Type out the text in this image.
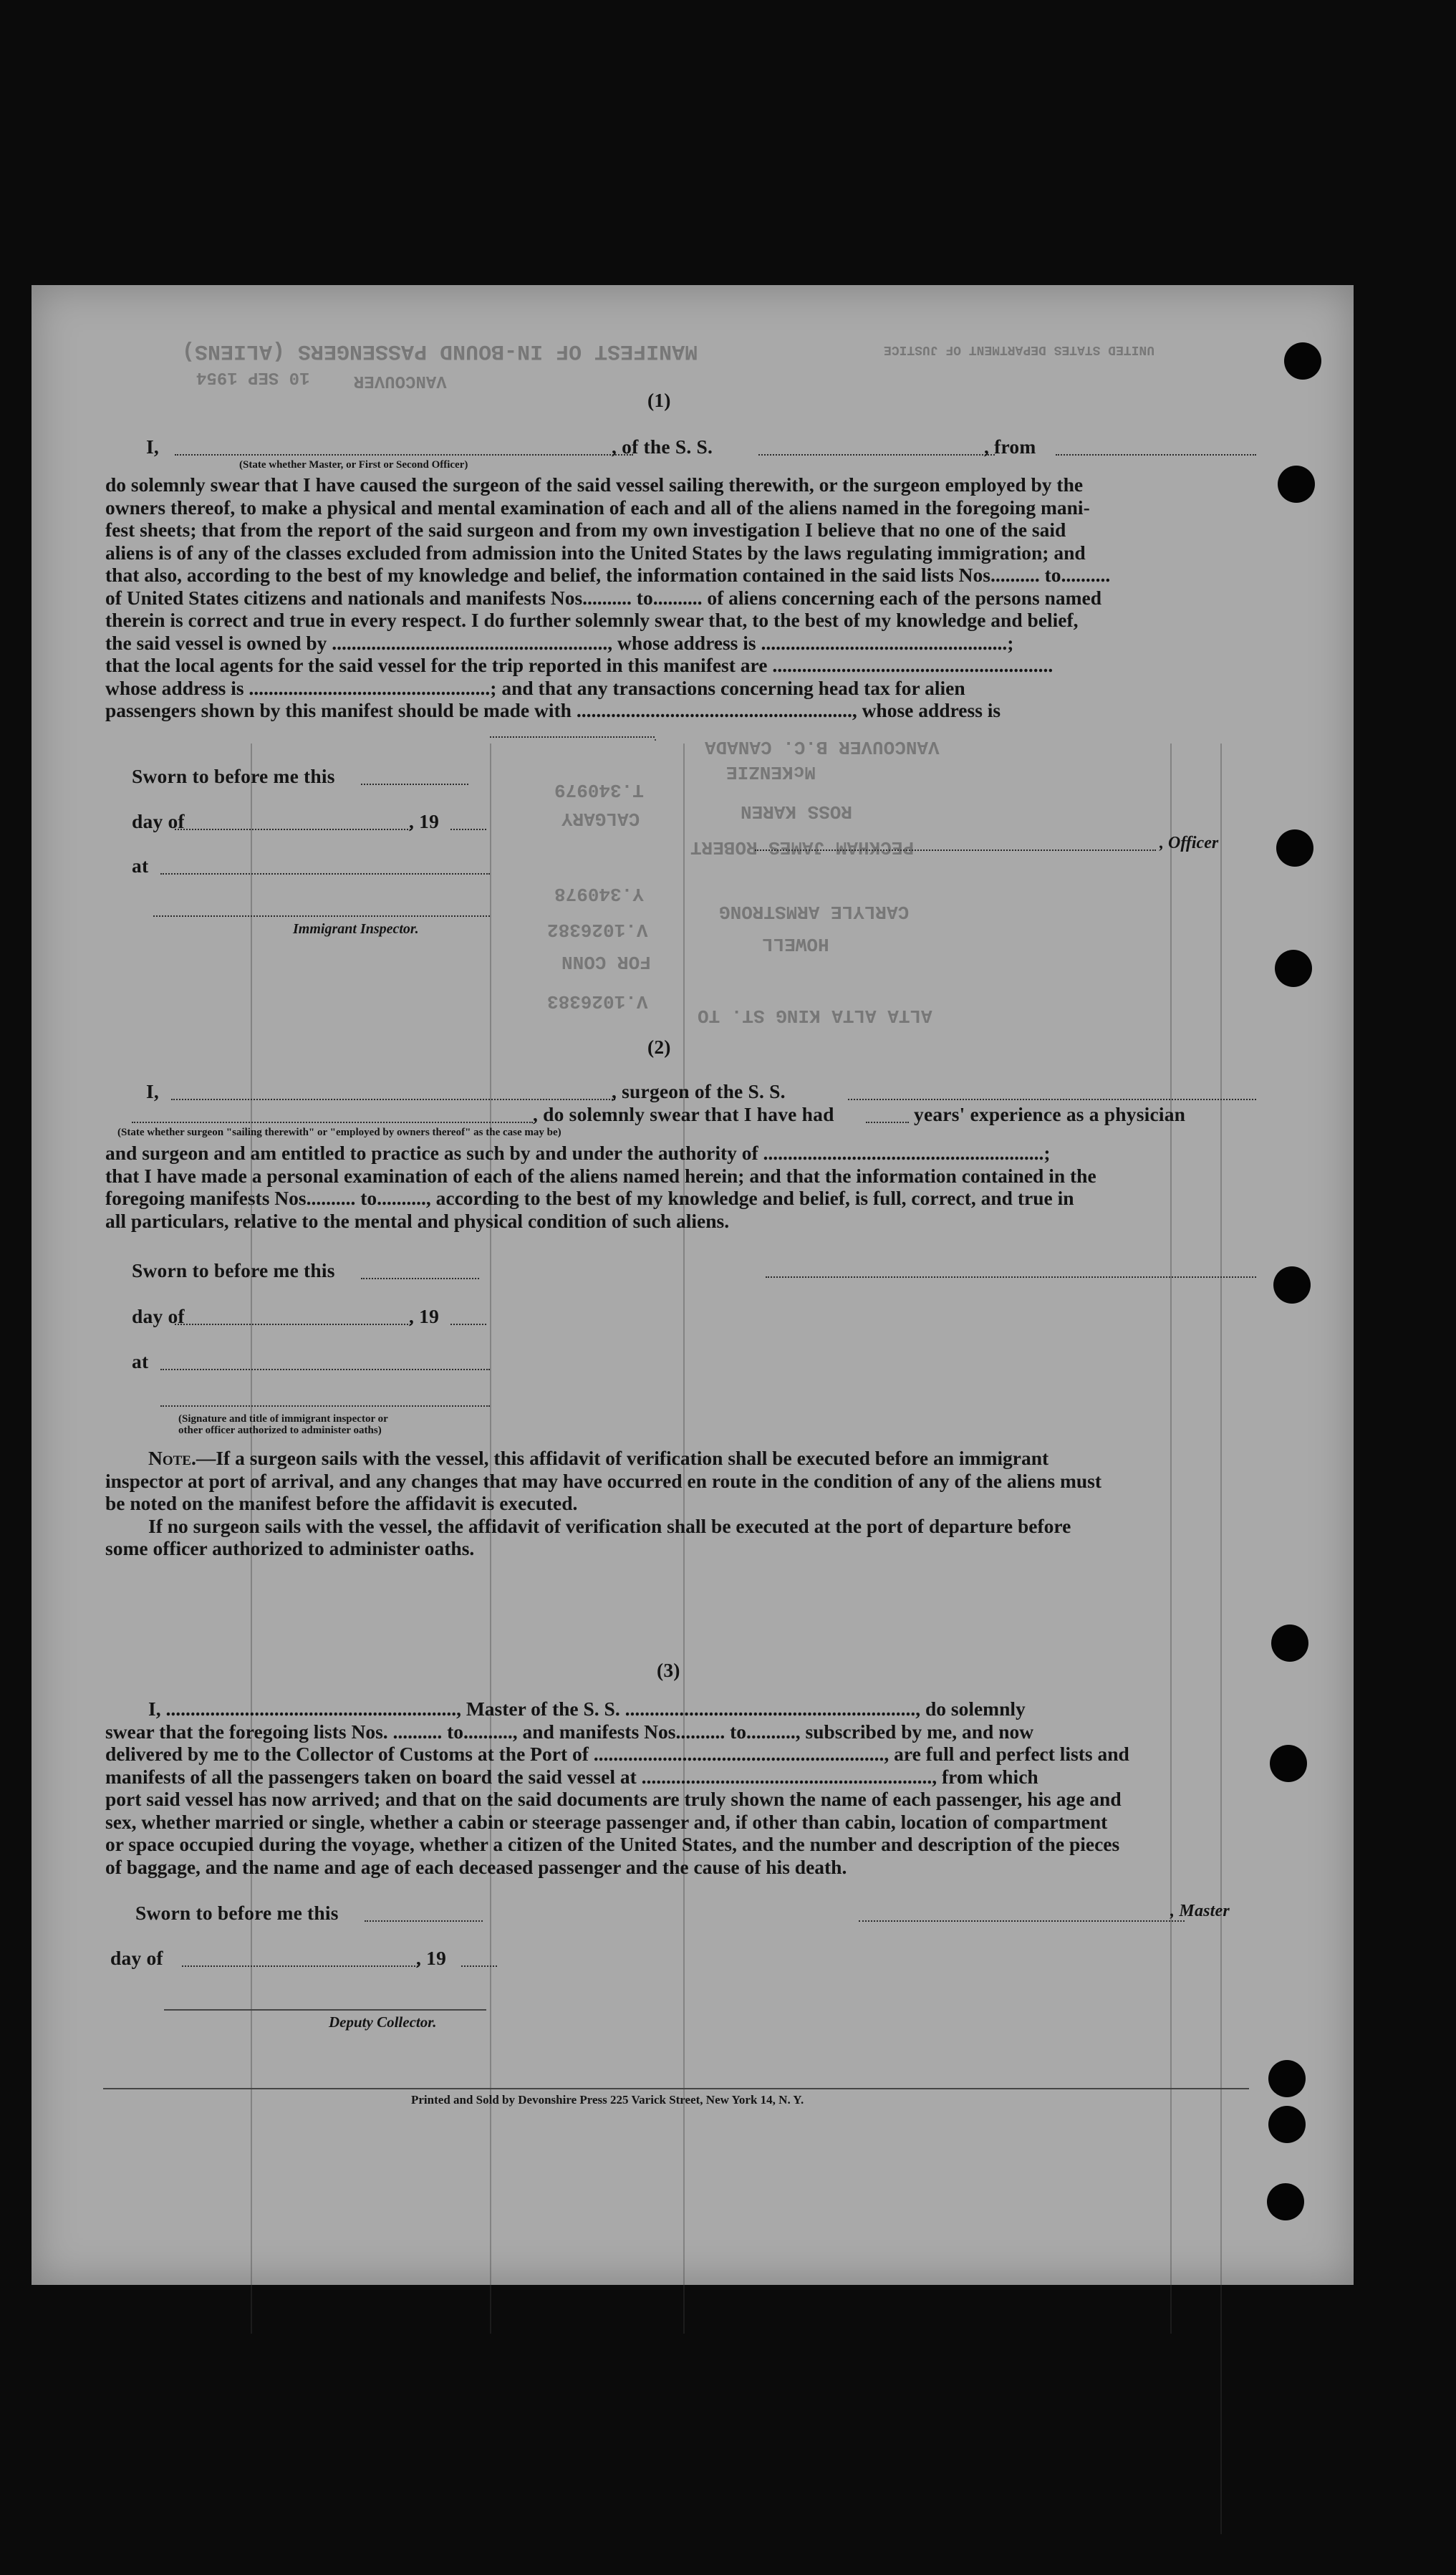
MANIFEST OF IN-BOUND PASSENGERS (ALIENS)	UNITED STATES DEPARTMENT OF JUSTICE
VANCOUVER
10 SEP 1954
VANCOUVER B.C. CANADA
McKENZIE
ROSS KAREN
PECKHAM JAMES ROBERT
CARLYLE ARMSTRONG
HOWELL
ALTA ALTA KING ST. TO
T.340979
CALGARY
Y.340978
V.1026382
FOR CONN
V.1026383
(1)
I,	, of the S. S.	, from
(State whether Master, or First or Second Officer)
do solemnly swear that I have caused the surgeon of the said vessel sailing therewith, or the surgeon employed by the
owners thereof, to make a physical and mental examination of each and all of the aliens named in the foregoing mani-
fest sheets; that from the report of the said surgeon and from my own investigation I believe that no one of the said
aliens is of any of the classes excluded from admission into the United States by the laws regulating immigration; and
that also, according to the best of my knowledge and belief, the information contained in the said lists Nos.......... to..........
of United States citizens and nationals and manifests Nos.......... to.......... of aliens concerning each of the persons named
therein is correct and true in every respect. I do further solemnly swear that, to the best of my knowledge and belief,
the said vessel is owned by ........................................................, whose address is ..................................................;
that the local agents for the said vessel for the trip reported in this manifest are .........................................................
whose address is .................................................; and that any transactions concerning head tax for alien
passengers shown by this manifest should be made with ........................................................, whose address is
Sworn to before me this
day of	, 19
at
Immigrant Inspector.
, Officer
(2)
I,	, surgeon of the S. S.
, do solemnly swear that I have had	years' experience as a physician
(State whether surgeon "sailing therewith" or "employed by owners thereof" as the case may be)
and surgeon and am entitled to practice as such by and under the authority of .........................................................;
that I have made a personal examination of each of the aliens named herein; and that the information contained in the
foregoing manifests Nos.......... to.........., according to the best of my knowledge and belief, is full, correct, and true in
all particulars, relative to the mental and physical condition of such aliens.
Sworn to before me this
day of	, 19
at
(Signature and title of immigrant inspector or
other officer authorized to administer oaths)
Note.—If a surgeon sails with the vessel, this affidavit of verification shall be executed before an immigrant
inspector at port of arrival, and any changes that may have occurred en route in the condition of any of the aliens must
be noted on the manifest before the affidavit is executed.
If no surgeon sails with the vessel, the affidavit of verification shall be executed at the port of departure before
some officer authorized to administer oaths.
(3)
I, ..........................................................., Master of the S. S. ..........................................................., do solemnly
swear that the foregoing lists Nos. .......... to.........., and manifests Nos.......... to.........., subscribed by me, and now
delivered by me to the Collector of Customs at the Port of ..........................................................., are full and perfect lists and
manifests of all the passengers taken on board the said vessel at ..........................................................., from which
port said vessel has now arrived; and that on the said documents are truly shown the name of each passenger, his age and
sex, whether married or single, whether a cabin or steerage passenger and, if other than cabin, location of compartment
or space occupied during the voyage, whether a citizen of the United States, and the number and description of the pieces
of baggage, and the name and age of each deceased passenger and the cause of his death.
Sworn to before me this	, Master
day of	, 19
Deputy Collector.
Printed and Sold by Devonshire Press 225 Varick Street, New York 14, N. Y.
